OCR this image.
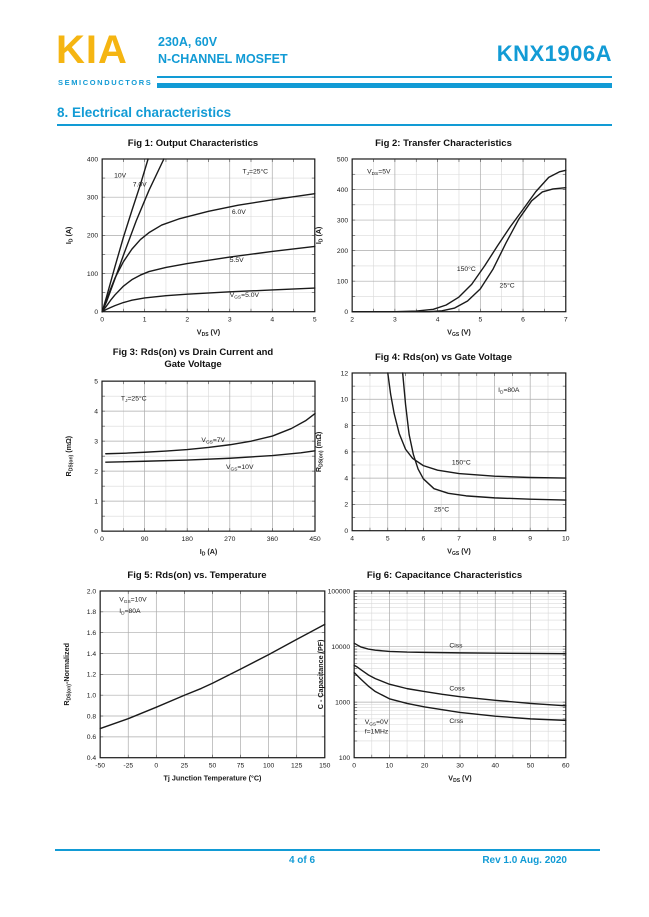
KIA
SEMICONDUCTORS
230A, 60V
N-CHANNEL MOSFET	KNX1906A
8. Electrical characteristics
Fig 1: Output Characteristics
0	1	2	3	4	5
0
100
200
300
400
$V_{DS}$ (V)
$I_D$ (A)
10V
7.0V
6.0V
5.5V
$V_{GS}=5.0V$
$T_J=25^\circ C$
Fig 2: Transfer Characteristics
2	3	4	5	6	7
0
100
200
300
400
500
$V_{GS}$ (V)
$I_D$ (A)
150°C
25°C
$V_{DS}=5V$
Fig 3: Rds(on) vs Drain Current and
Gate Voltage
0	90	180	270	360	450
0
1
2
3
4
5
$I_D$ (A)
$R_{DS(on)}$ (mΩ)	$V_{GS}=7V$
$V_{GS}=10V$
$T_J=25^\circ C$
Fig 4: Rds(on) vs Gate Voltage
4	5	6	7	8	9	10
0
2
4
6
8
10
12
$V_{GS}$ (V)
$R_{DS(on)}$ (mΩ)
150°C
25°C
$I_D=80A$
Fig 5: Rds(on) vs. Temperature
-50	-25	0	25	50	75	100 125 150
0.4
0.6
0.8
1.0
1.2
1.4
1.6
1.8
2.0
Tj Junction Temperature (°C)
$R_{DS(on)}$-Normalized
$V_{GS}=10V$
$I_D=80A$
Fig 6: Capacitance Characteristics
0	10	20	30	40	50	60
100
1000
10000
100000
$V_{DS}$ (V)
C - Capacitance (PF)	Ciss
Coss
Crss
$V_{GS}=0V$
f=1MHz
4 of 6	Rev 1.0 Aug. 2020
